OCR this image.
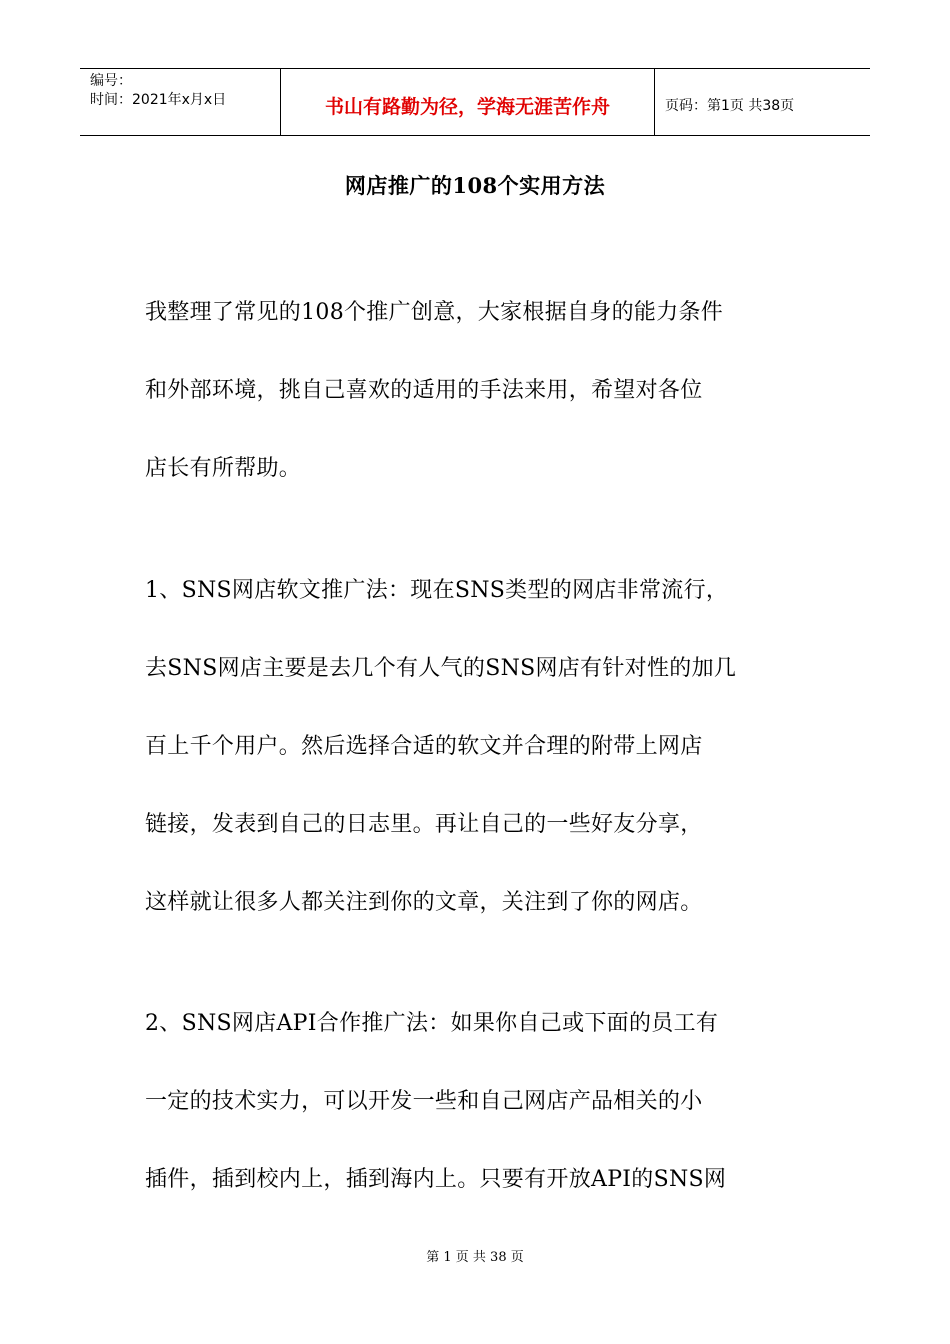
编号：
时间：2021年x月x日	书山有路勤为径，学海无涯苦作舟	页码：第1页 共38页
网店推广的108个实用方法

我整理了常见的108个推广创意，大家根据自身的能力条件

和外部环境，挑自己喜欢的适用的手法来用，希望对各位

店长有所帮助。

1、SNS网店软文推广法：现在SNS类型的网店非常流行，

去SNS网店主要是去几个有人气的SNS网店有针对性的加几

百上千个用户。然后选择合适的软文并合理的附带上网店

链接，发表到自己的日志里。再让自己的一些好友分享，

这样就让很多人都关注到你的文章，关注到了你的网店。

2、SNS网店API合作推广法：如果你自己或下面的员工有

一定的技术实力，可以开发一些和自己网店产品相关的小

插件，插到校内上，插到海内上。只要有开放API的SNS网

第 1 页 共 38 页
